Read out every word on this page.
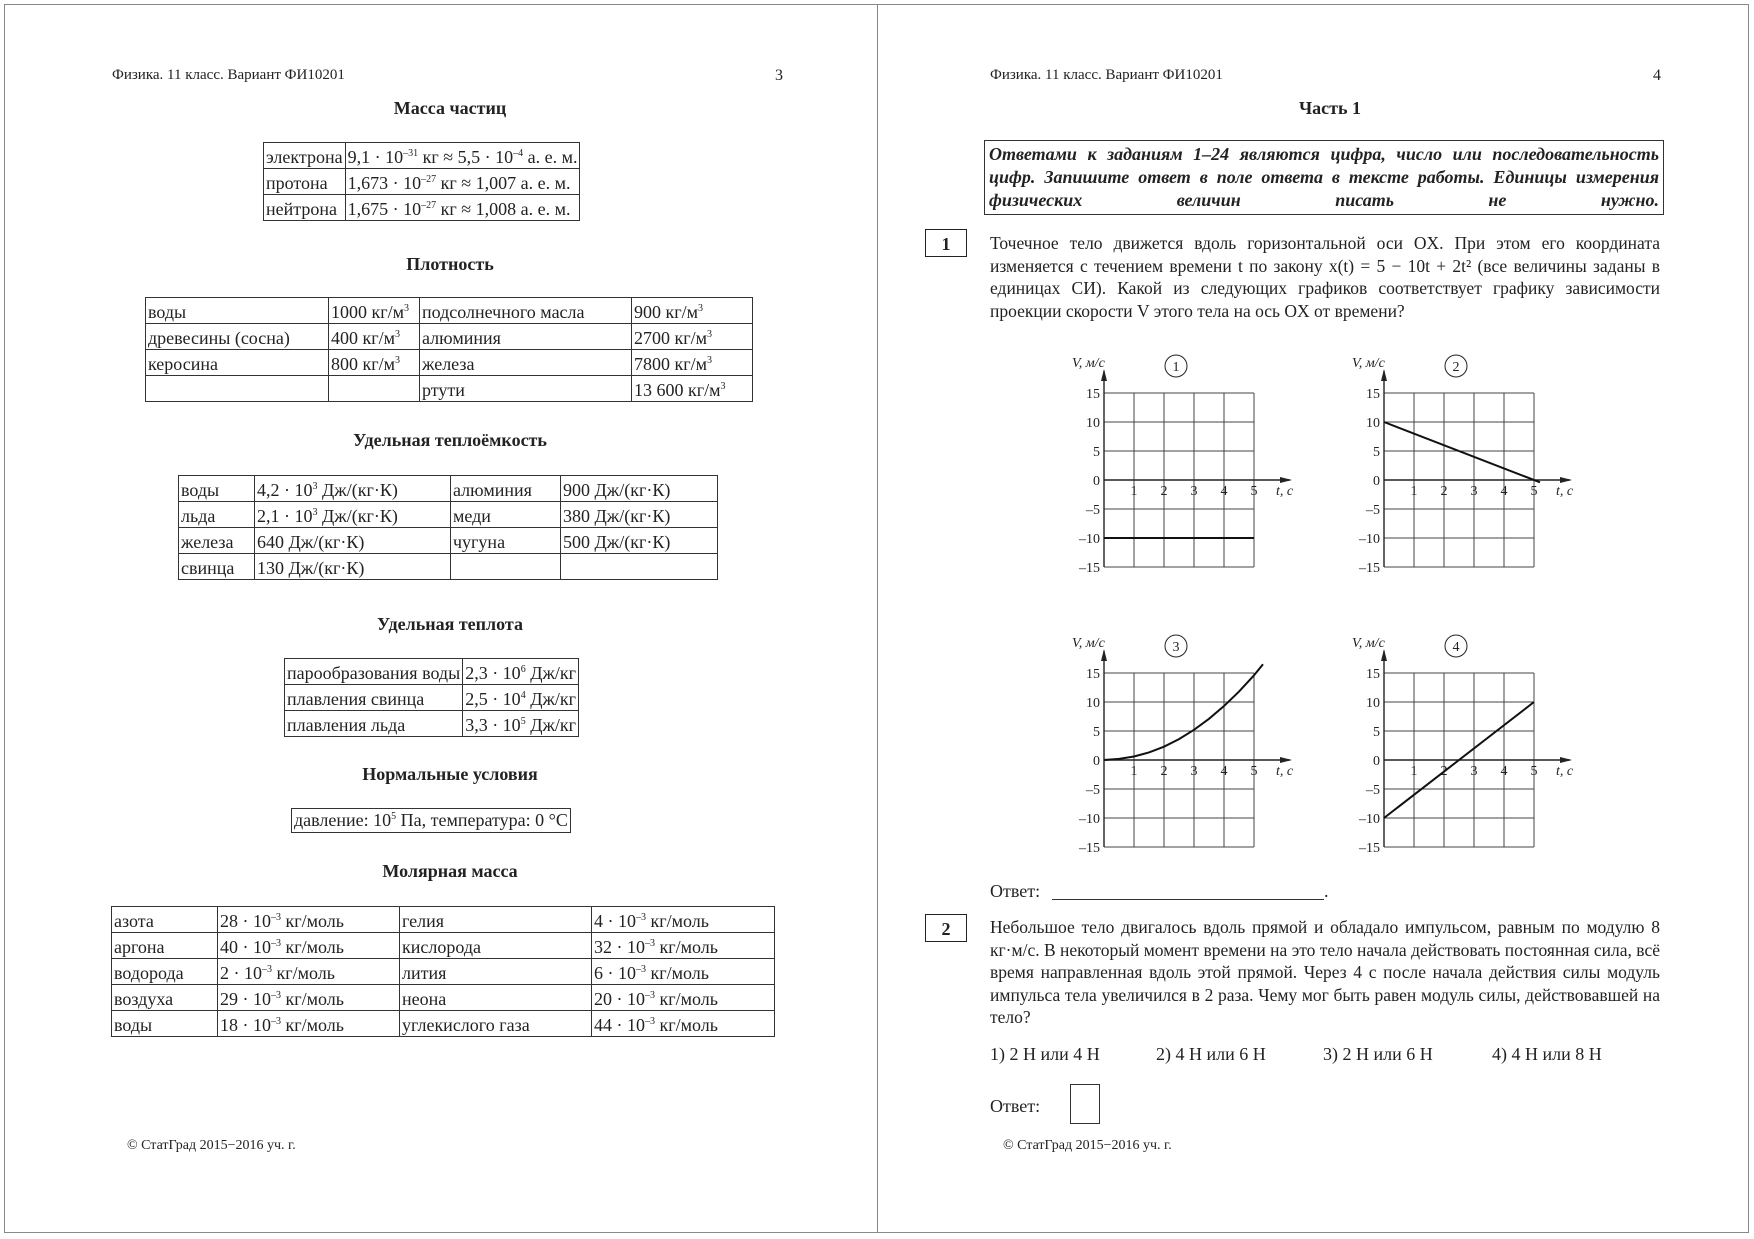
Физика. 11 класс. Вариант ФИ10201	3
Масса частиц
электрона	$9,1 \cdot 10^{-31}$ кг ≈ $5,5 \cdot 10^{-4}$ а. е. м.
протона	$1,673 \cdot 10^{-27}$ кг ≈ 1,007 а. е. м.
нейтрона	$1,675 \cdot 10^{-27}$ кг ≈ 1,008 а. е. м.
Плотность
воды	1000 $кг/м^3$	подсолнечного масла	900 $кг/м^3$
древесины (сосна)	400 $кг/м^3$	алюминия	2700 $кг/м^3$
керосина	800 $кг/м^3$	железа	7800 $кг/м^3$
		ртути	13 600 $кг/м^3$
Удельная теплоёмкость
воды	$4,2 \cdot 10^3$ Дж/(кг·К)	алюминия	900 Дж/(кг·К)
льда	$2,1 \cdot 10^3$ Дж/(кг·К)	меди	380 Дж/(кг·К)
железа	640 Дж/(кг·К)	чугуна	500 Дж/(кг·К)
свинца	130 Дж/(кг·К)		
Удельная теплота
парообразования воды	$2,3 \cdot 10^6$ Дж/кг
плавления свинца	$2,5 \cdot 10^4$ Дж/кг
плавления льда	$3,3 \cdot 10^5$ Дж/кг
Нормальные условия
давление: $10^5$ Па, температура: 0 °С
Молярная масса
азота	$28 \cdot 10^{-3}$ кг/моль	гелия	$4 \cdot 10^{-3}$ кг/моль
аргона	$40 \cdot 10^{-3}$ кг/моль	кислорода	$32 \cdot 10^{-3}$ кг/моль
водорода	$2 \cdot 10^{-3}$ кг/моль	лития	$6 \cdot 10^{-3}$ кг/моль
воздуха	$29 \cdot 10^{-3}$ кг/моль	неона	$20 \cdot 10^{-3}$ кг/моль
воды	$18 \cdot 10^{-3}$ кг/моль	углекислого газа	$44 \cdot 10^{-3}$ кг/моль
© СтатГрад 2015−2016 уч. г.
Физика. 11 класс. Вариант ФИ10201	4
Часть 1
Ответами к заданиям 1–24 являются цифра, число или последовательность цифр. Запишите ответ в поле ответа в тексте работы. Единицы измерения физических величин писать не нужно.
1	Точечное тело движется вдоль горизонтальной оси OX. При этом его координата изменяется с течением времени t по закону x(t) = 5 − 10t + 2t² (все величины заданы в единицах СИ). Какой из следующих графиков соответствует графику зависимости проекции скорости V этого тела на ось OX от времени?
15
10
5
0
–5
–10
–15
1 2 3 4 5 t, c
V, м/с	1
15
10
5
0
–5
–10
–15
1 2 3 4 5 t, c
V, м/с	2
15
10
5
0
–5
–10
–15
1 2 3 4 5 t, c
V, м/с	3
15
10
5
0
–5
–10
–15
1 2 3 4 5 t, c
V, м/с	4
Ответ:	.
2	Небольшое тело двигалось вдоль прямой и обладало импульсом, равным по модулю 8 кг·м/с. В некоторый момент времени на это тело начала действовать постоянная сила, всё время направленная вдоль этой прямой. Через 4 с после начала действия силы модуль импульса тела увеличился в 2 раза. Чему мог быть равен модуль силы, действовавшей на тело?
1) 2 Н или 4 Н	2) 4 Н или 6 Н	3) 2 Н или 6 Н	4) 4 Н или 8 Н
Ответ:
© СтатГрад 2015−2016 уч. г.
